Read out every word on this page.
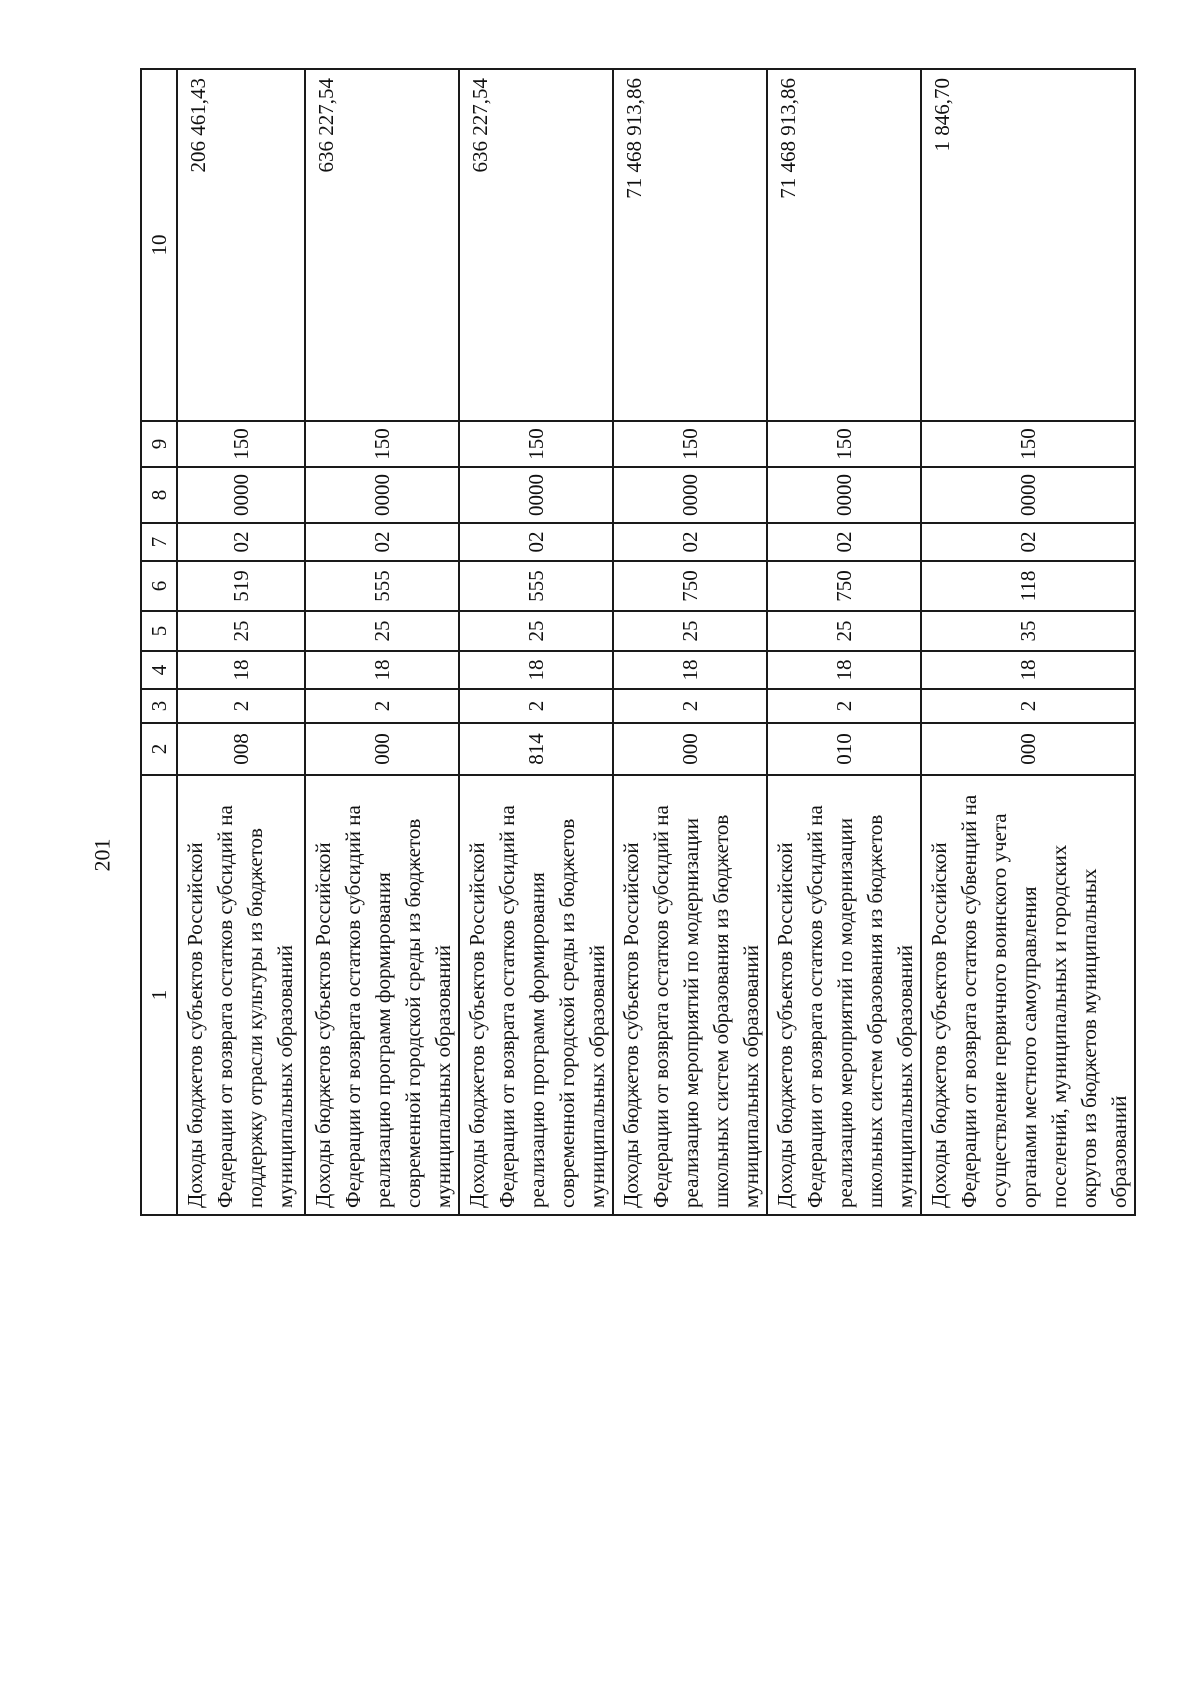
201
1	2	3	4	5	6	7	8	9	10
Доходы бюджетов субъектов Российской Федерации от возврата остатков субсидий на поддержку отрасли культуры из бюджетов муниципальных образований	008	2	18	25	519	02	0000	150	206 461,43
Доходы бюджетов субъектов Российской Федерации от возврата остатков субсидий на реализацию программ формирования современной городской среды из бюджетов муниципальных образований	000	2	18	25	555	02	0000	150	636 227,54
Доходы бюджетов субъектов Российской Федерации от возврата остатков субсидий на реализацию программ формирования современной городской среды из бюджетов муниципальных образований	814	2	18	25	555	02	0000	150	636 227,54
Доходы бюджетов субъектов Российской Федерации от возврата остатков субсидий на реализацию мероприятий по модернизации школьных систем образования из бюджетов муниципальных образований	000	2	18	25	750	02	0000	150	71 468 913,86
Доходы бюджетов субъектов Российской Федерации от возврата остатков субсидий на реализацию мероприятий по модернизации школьных систем образования из бюджетов муниципальных образований	010	2	18	25	750	02	0000	150	71 468 913,86
Доходы бюджетов субъектов Российской Федерации от возврата остатков субвенций на осуществление первичного воинского учета органами местного самоуправления поселений, муниципальных и городских округов из бюджетов муниципальных образований	000	2	18	35	118	02	0000	150	1 846,70
